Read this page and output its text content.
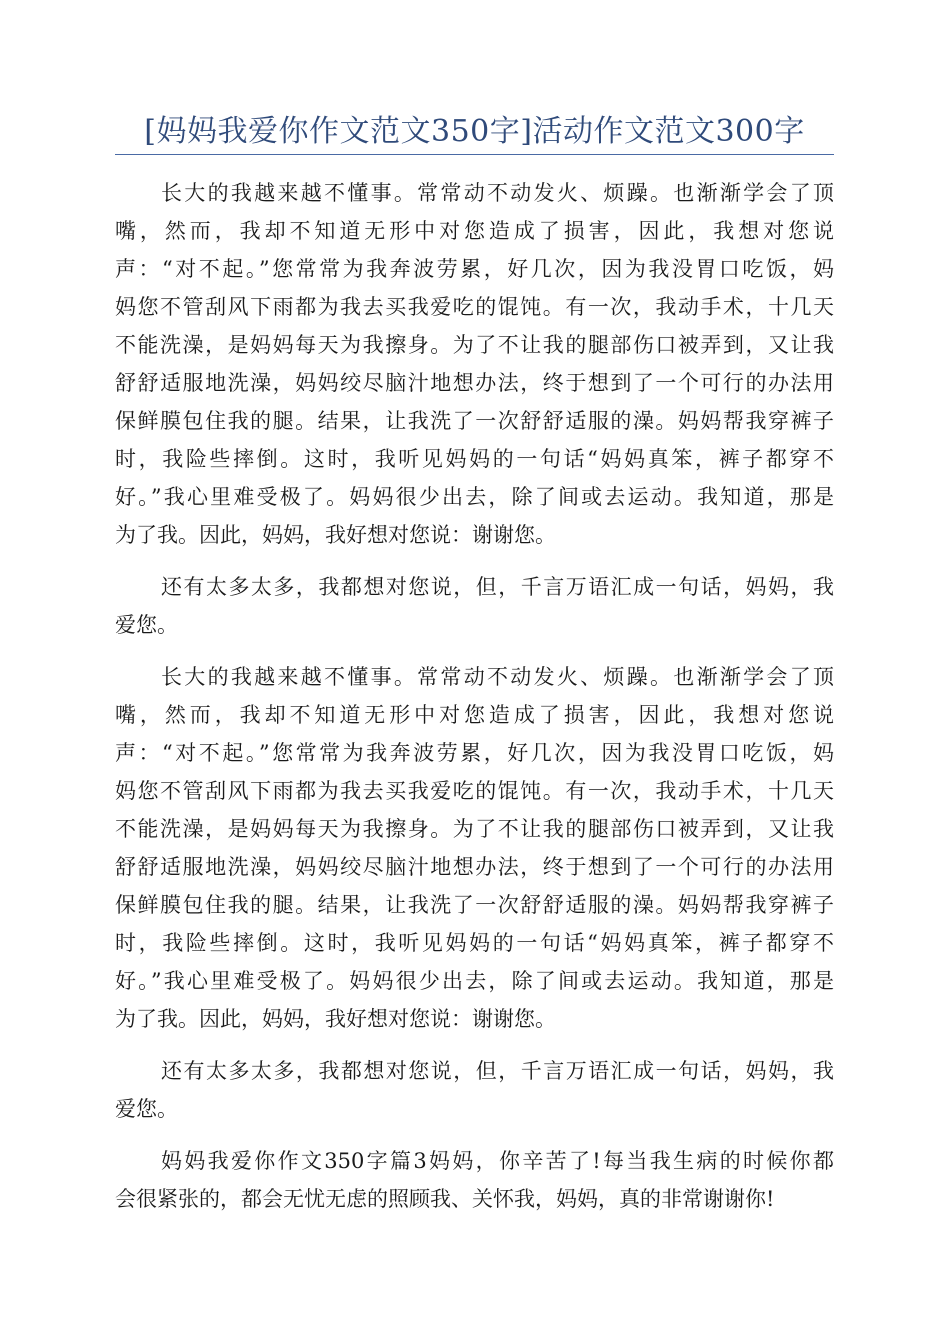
[妈妈我爱你作文范文350字]活动作文范文300字
长大的我越来越不懂事。常常动不动发火、烦躁。也渐渐学会了顶
嘴，然而，我却不知道无形中对您造成了损害，因此，我想对您说
声：“对不起。”您常常为我奔波劳累，好几次，因为我没胃口吃饭，妈
妈您不管刮风下雨都为我去买我爱吃的馄饨。有一次，我动手术，十几天
不能洗澡，是妈妈每天为我擦身。为了不让我的腿部伤口被弄到，又让我
舒舒适服地洗澡，妈妈绞尽脑汁地想办法，终于想到了一个可行的办法用
保鲜膜包住我的腿。结果，让我洗了一次舒舒适服的澡。妈妈帮我穿裤子
时，我险些摔倒。这时，我听见妈妈的一句话“妈妈真笨，裤子都穿不
好。”我心里难受极了。妈妈很少出去，除了间或去运动。我知道，那是
为了我。因此，妈妈，我好想对您说：谢谢您。
还有太多太多，我都想对您说，但，千言万语汇成一句话，妈妈，我
爱您。
长大的我越来越不懂事。常常动不动发火、烦躁。也渐渐学会了顶
嘴，然而，我却不知道无形中对您造成了损害，因此，我想对您说
声：“对不起。”您常常为我奔波劳累，好几次，因为我没胃口吃饭，妈
妈您不管刮风下雨都为我去买我爱吃的馄饨。有一次，我动手术，十几天
不能洗澡，是妈妈每天为我擦身。为了不让我的腿部伤口被弄到，又让我
舒舒适服地洗澡，妈妈绞尽脑汁地想办法，终于想到了一个可行的办法用
保鲜膜包住我的腿。结果，让我洗了一次舒舒适服的澡。妈妈帮我穿裤子
时，我险些摔倒。这时，我听见妈妈的一句话“妈妈真笨，裤子都穿不
好。”我心里难受极了。妈妈很少出去，除了间或去运动。我知道，那是
为了我。因此，妈妈，我好想对您说：谢谢您。
还有太多太多，我都想对您说，但，千言万语汇成一句话，妈妈，我
爱您。
妈妈我爱你作文350字篇3妈妈，你辛苦了!每当我生病的时候你都
会很紧张的，都会无忧无虑的照顾我、关怀我，妈妈，真的非常谢谢你!
